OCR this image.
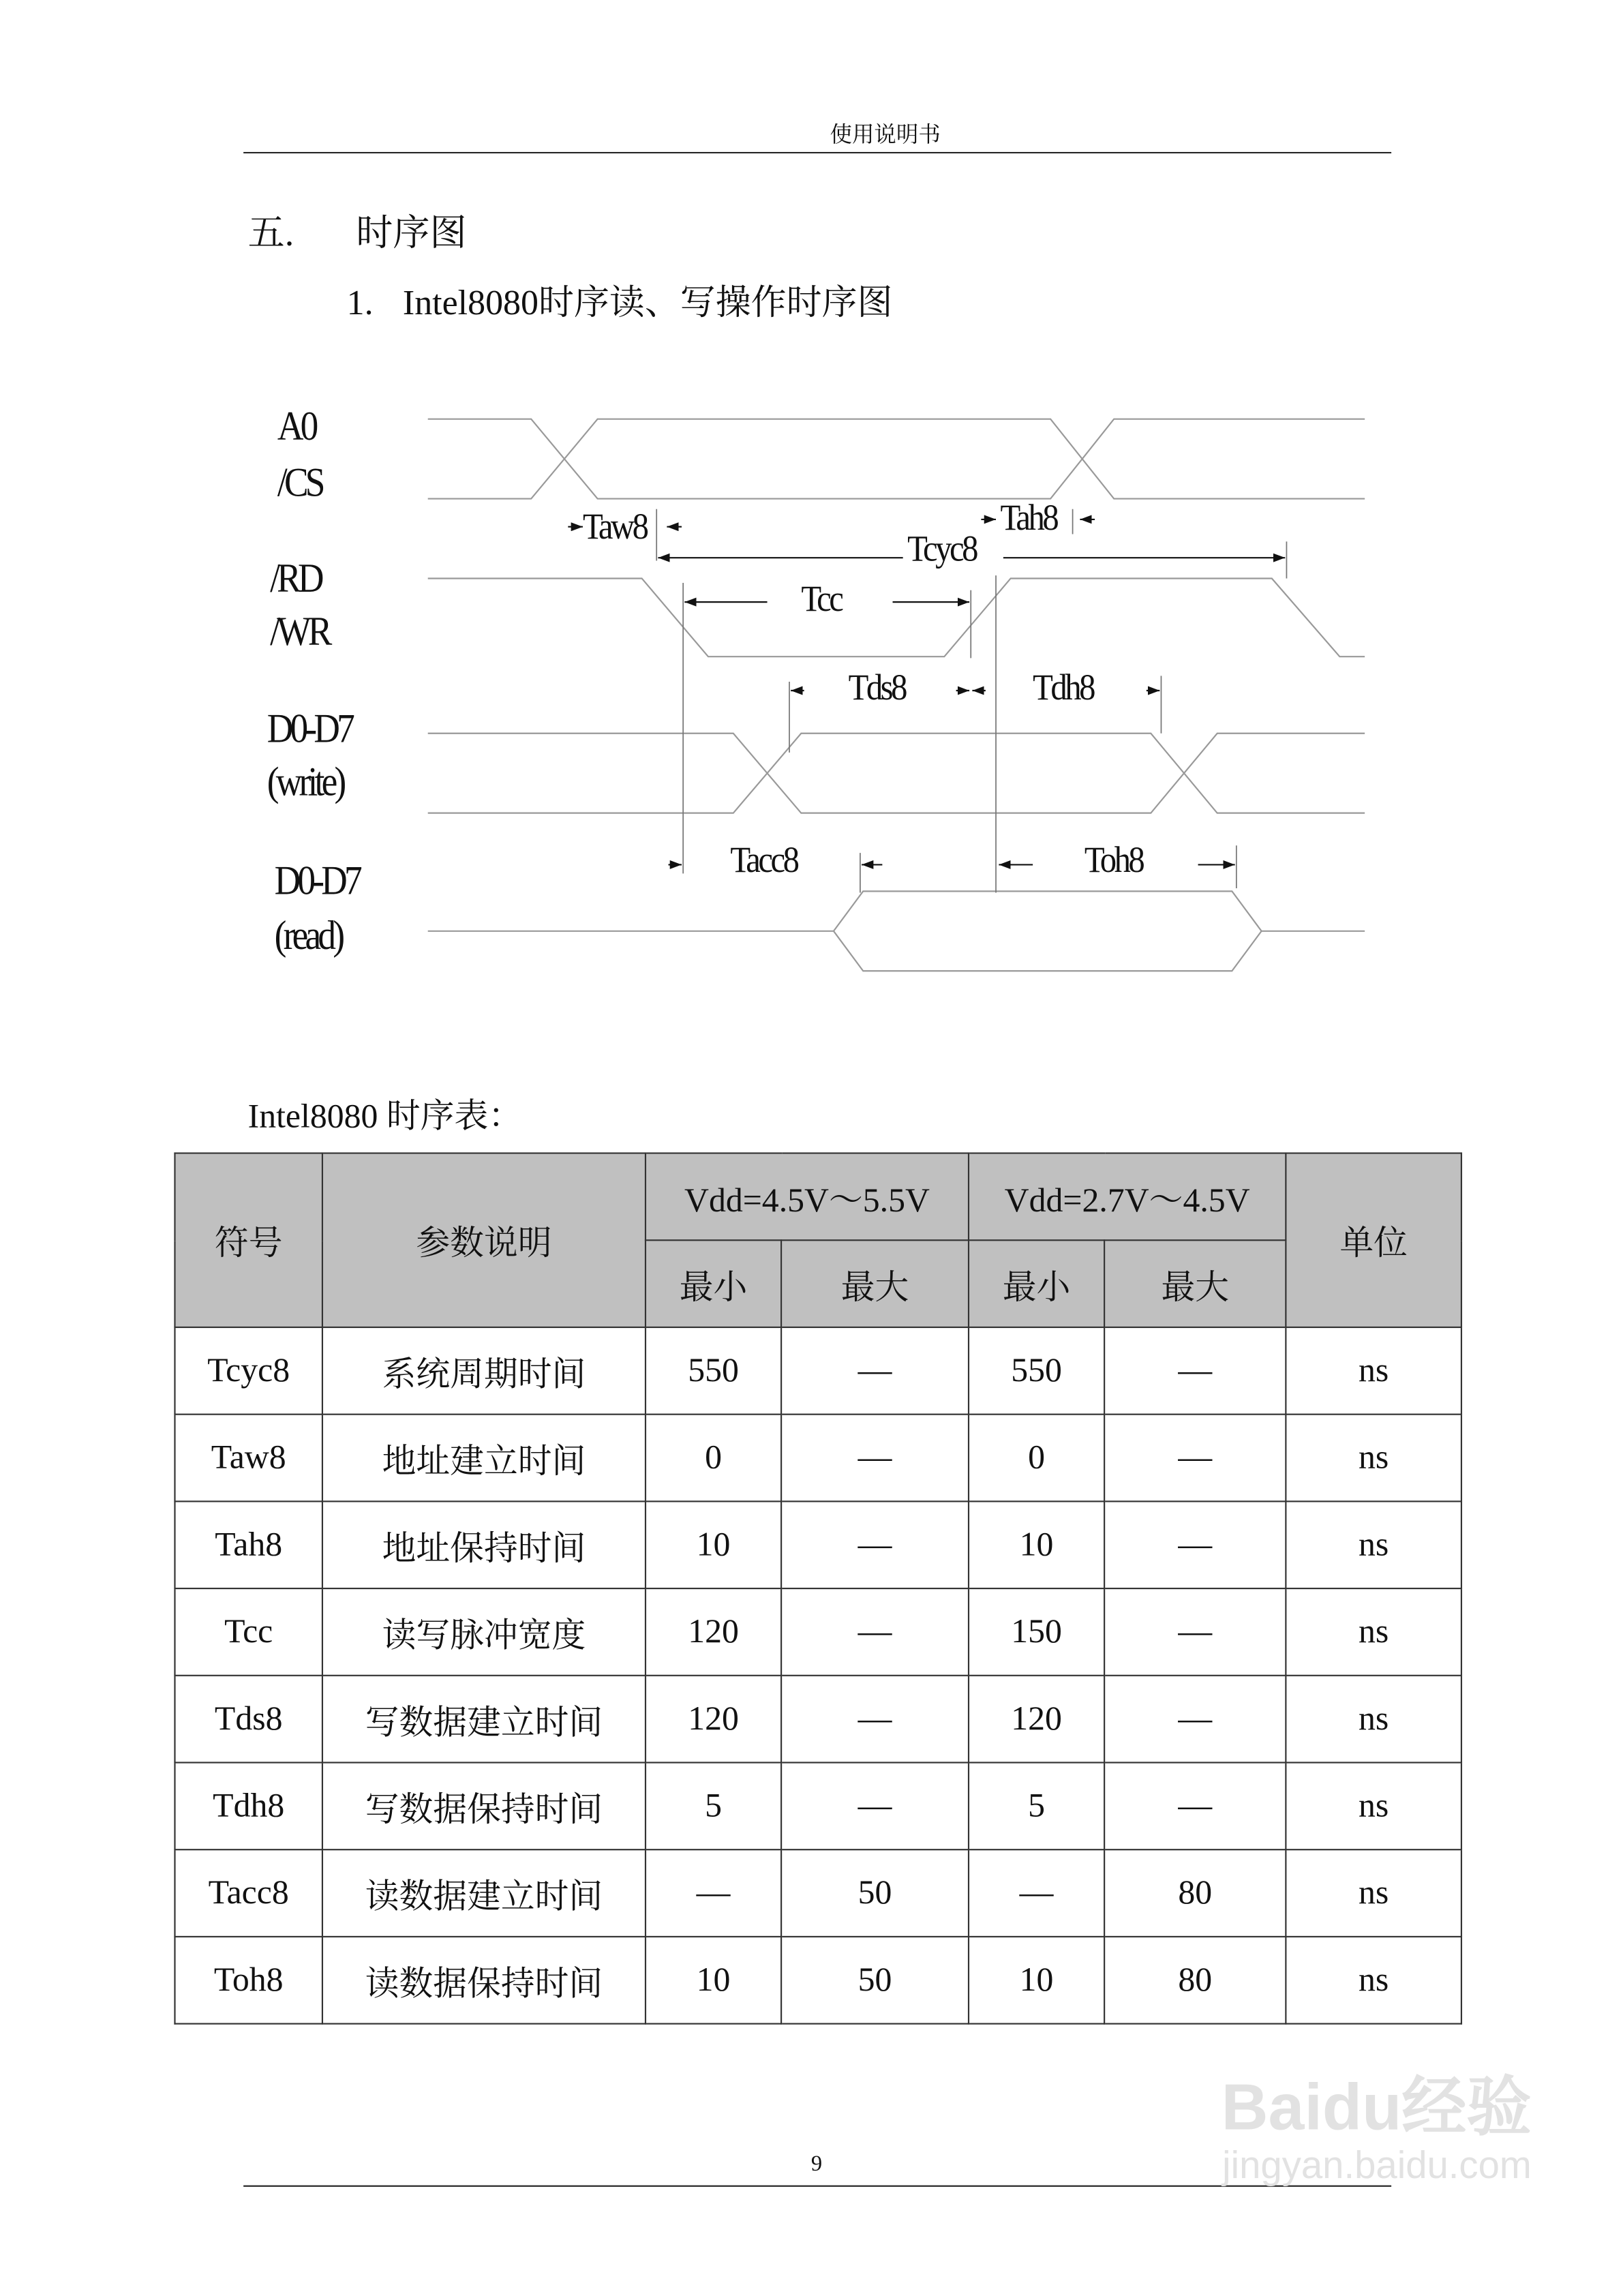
使用说明书
五.	时序图
1. Intel8080时序读、写操作时序图
A0
/CS
/RD
/WR
D0-D7
(write)
D0-D7
(read)
Taw8	Tah8
Tcyc8
Tcc
Tds8	Tdh8
Tacc8	Toh8
Intel8080 时序表：
符号	参数说明	Vdd=4.5V～5.5V		Vdd=2.7V～4.5V		单位
		最小	最大	最小	最大	
Tcyc8	系统周期时间	550	—	550	—	ns
Taw8	地址建立时间	0	—	0	—	ns
Tah8	地址保持时间	10	—	10	—	ns
Tcc	读写脉冲宽度	120	—	150	—	ns
Tds8	写数据建立时间	120	—	120	—	ns
Tdh8	写数据保持时间	5	—	5	—	ns
Tacc8	读数据建立时间	—	50	—	80	ns
Toh8	读数据保持时间	10	50	10	80	ns
9
Baidu经验
jingyan.baidu.com
